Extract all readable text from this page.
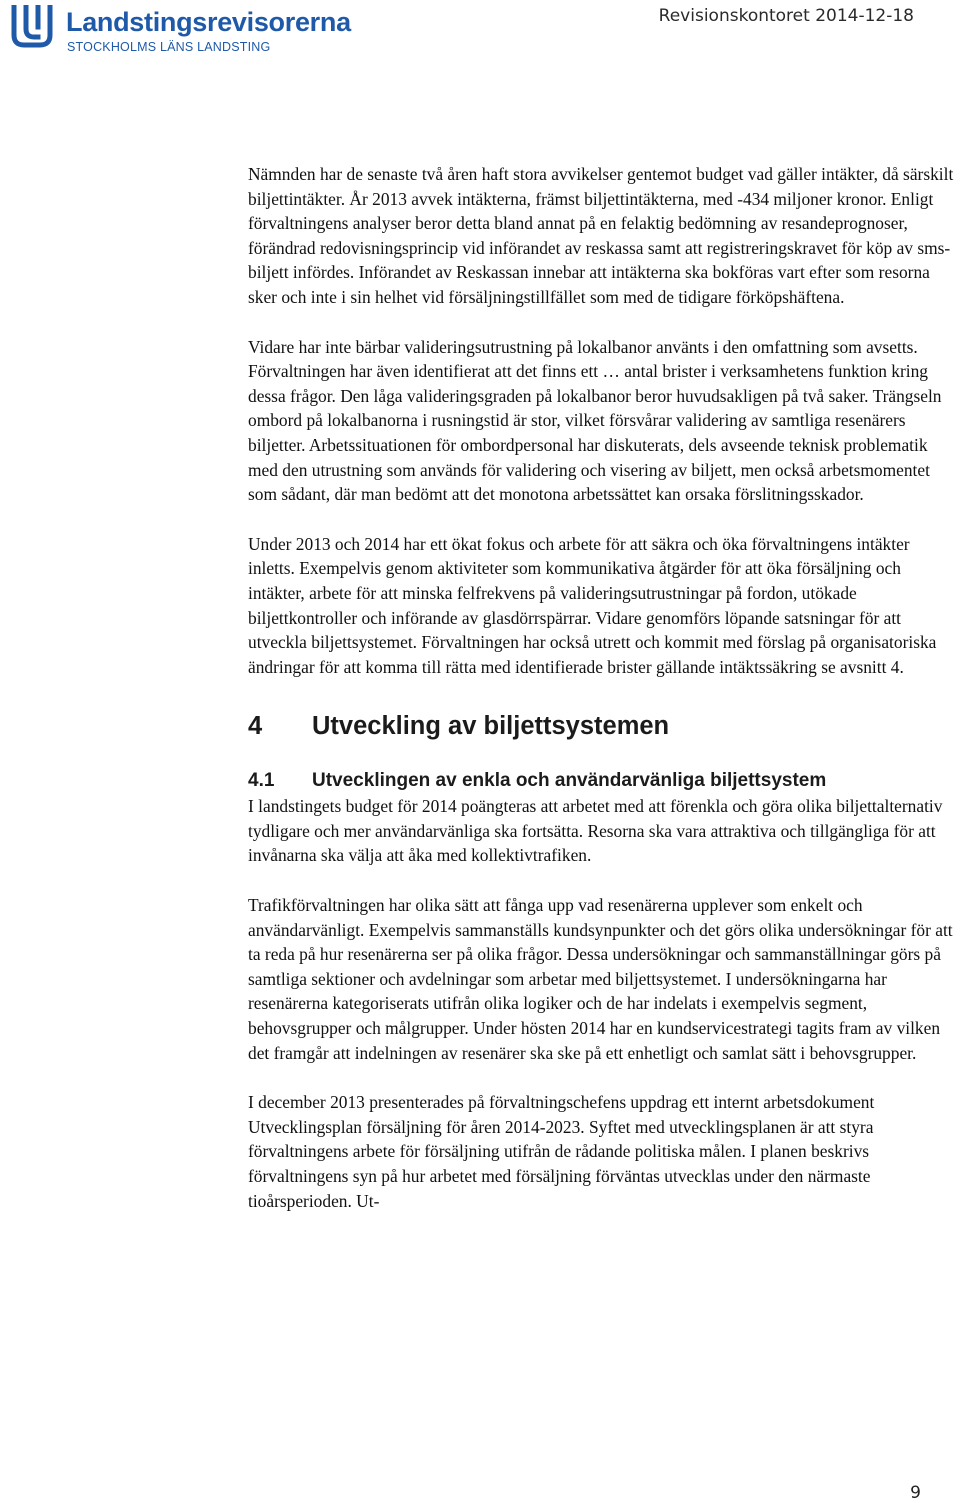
Landstingsrevisorerna
STOCKHOLMS LÄNS LANDSTING
Revisionskontoret 2014-12-18

Nämnden har de senaste två åren haft stora avvikelser gentemot budget vad gäller intäkter, då särskilt biljettintäkter. År 2013 avvek intäkterna, främst biljettintäkterna, med -434 miljoner kronor. Enligt förvaltningens analyser beror detta bland annat på en felaktig bedömning av resandeprognoser, förändrad redovisningsprincip vid införandet av reskassa samt att registreringskravet för köp av sms-biljett infördes. Införandet av Reskassan innebar att intäkterna ska bokföras vart efter som resorna sker och inte i sin helhet vid försäljningstillfället som med de tidigare förköpshäftena.

Vidare har inte bärbar valideringsutrustning på lokalbanor använts i den omfattning som avsetts. Förvaltningen har även identifierat att det finns ett … antal brister i verksamhetens funktion kring dessa frågor. Den låga valideringsgraden på lokalbanor beror huvudsakligen på två saker. Trängseln ombord på lokalbanorna i rusningstid är stor, vilket försvårar validering av samtliga resenärers biljetter. Arbetssituationen för ombordpersonal har diskuterats, dels avseende teknisk problematik med den utrustning som används för validering och visering av biljett, men också arbetsmomentet som sådant, där man bedömt att det monotona arbetssättet kan orsaka förslitningsskador.

Under 2013 och 2014 har ett ökat fokus och arbete för att säkra och öka förvaltningens intäkter inletts. Exempelvis genom aktiviteter som kommunikativa åtgärder för att öka försäljning och intäkter, arbete för att minska felfrekvens på valideringsutrustningar på fordon, utökade biljettkontroller och införande av glasdörrspärrar. Vidare genomförs löpande satsningar för att utveckla biljettsystemet. Förvaltningen har också utrett och kommit med förslag på organisatoriska ändringar för att komma till rätta med identifierade brister gällande intäktssäkring se avsnitt 4.

4	Utveckling av biljettsystemen
4.1	Utvecklingen av enkla och användarvänliga biljettsystem

I landstingets budget för 2014 poängteras att arbetet med att förenkla och göra olika biljettalternativ tydligare och mer användarvänliga ska fortsätta. Resorna ska vara attraktiva och tillgängliga för att invånarna ska välja att åka med kollektivtrafiken.

Trafikförvaltningen har olika sätt att fånga upp vad resenärerna upplever som enkelt och användarvänligt. Exempelvis sammanställs kundsynpunkter och det görs olika undersökningar för att ta reda på hur resenärerna ser på olika frågor. Dessa undersökningar och sammanställningar görs på samtliga sektioner och avdelningar som arbetar med biljettsystemet. I undersökningarna har resenärerna kategoriserats utifrån olika logiker och de har indelats i exempelvis segment, behovsgrupper och målgrupper. Under hösten 2014 har en kundservicestrategi tagits fram av vilken det framgår att indelningen av resenärer ska ske på ett enhetligt och samlat sätt i behovsgrupper.

I december 2013 presenterades på förvaltningschefens uppdrag ett internt arbetsdokument Utvecklingsplan försäljning för åren 2014-2023. Syftet med utvecklingsplanen är att styra förvaltningens arbete för försäljning utifrån de rådande politiska målen. I planen beskrivs förvaltningens syn på hur arbetet med försäljning förväntas utvecklas under den närmaste tioårsperioden. Ut-

9
